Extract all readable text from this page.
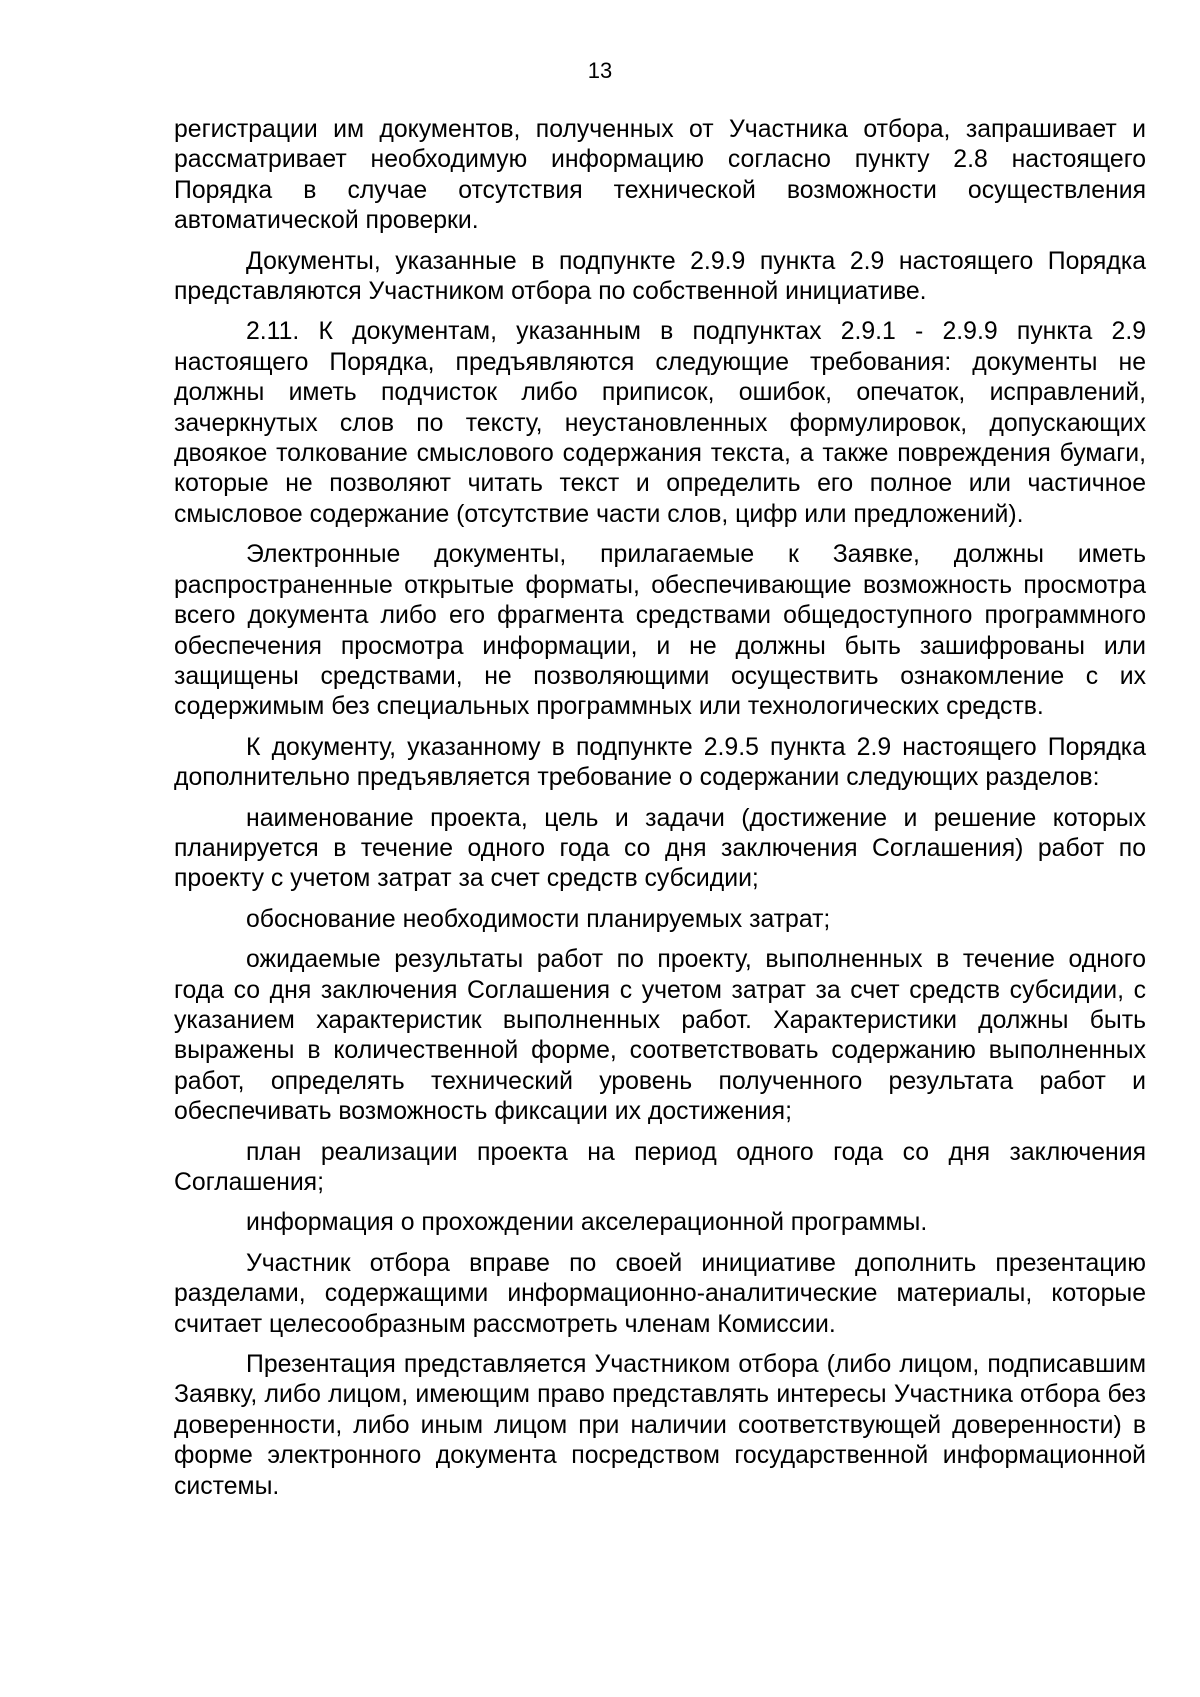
13

регистрации им документов, полученных от Участника отбора, запрашивает и рассматривает необходимую информацию согласно пункту 2.8 настоящего Порядка в случае отсутствия технической возможности осуществления автоматической проверки.

Документы, указанные в подпункте 2.9.9 пункта 2.9 настоящего Порядка представляются Участником отбора по собственной инициативе.

2.11. К документам, указанным в подпунктах 2.9.1 - 2.9.9 пункта 2.9 настоящего Порядка, предъявляются следующие требования: документы не должны иметь подчисток либо приписок, ошибок, опечаток, исправлений, зачеркнутых слов по тексту, неустановленных формулировок, допускающих двоякое толкование смыслового содержания текста, а также повреждения бумаги, которые не позволяют читать текст и определить его полное или частичное смысловое содержание (отсутствие части слов, цифр или предложений).

Электронные документы, прилагаемые к Заявке, должны иметь распространенные открытые форматы, обеспечивающие возможность просмотра всего документа либо его фрагмента средствами общедоступного программного обеспечения просмотра информации, и не должны быть зашифрованы или защищены средствами, не позволяющими осуществить ознакомление с их содержимым без специальных программных или технологических средств.

К документу, указанному в подпункте 2.9.5 пункта 2.9 настоящего Порядка дополнительно предъявляется требование о содержании следующих разделов:

наименование проекта, цель и задачи (достижение и решение которых планируется в течение одного года со дня заключения Соглашения) работ по проекту с учетом затрат за счет средств субсидии;

обоснование необходимости планируемых затрат;

ожидаемые результаты работ по проекту, выполненных в течение одного года со дня заключения Соглашения с учетом затрат за счет средств субсидии, с указанием характеристик выполненных работ. Характеристики должны быть выражены в количественной форме, соответствовать содержанию выполненных работ, определять технический уровень полученного результата работ и обеспечивать возможность фиксации их достижения;

план реализации проекта на период одного года со дня заключения Соглашения;

информация о прохождении акселерационной программы.

Участник отбора вправе по своей инициативе дополнить презентацию разделами, содержащими информационно-аналитические материалы, которые считает целесообразным рассмотреть членам Комиссии.

Презентация представляется Участником отбора (либо лицом, подписавшим Заявку, либо лицом, имеющим право представлять интересы Участника отбора без доверенности, либо иным лицом при наличии соответствующей доверенности) в форме электронного документа посредством государственной информационной системы.
